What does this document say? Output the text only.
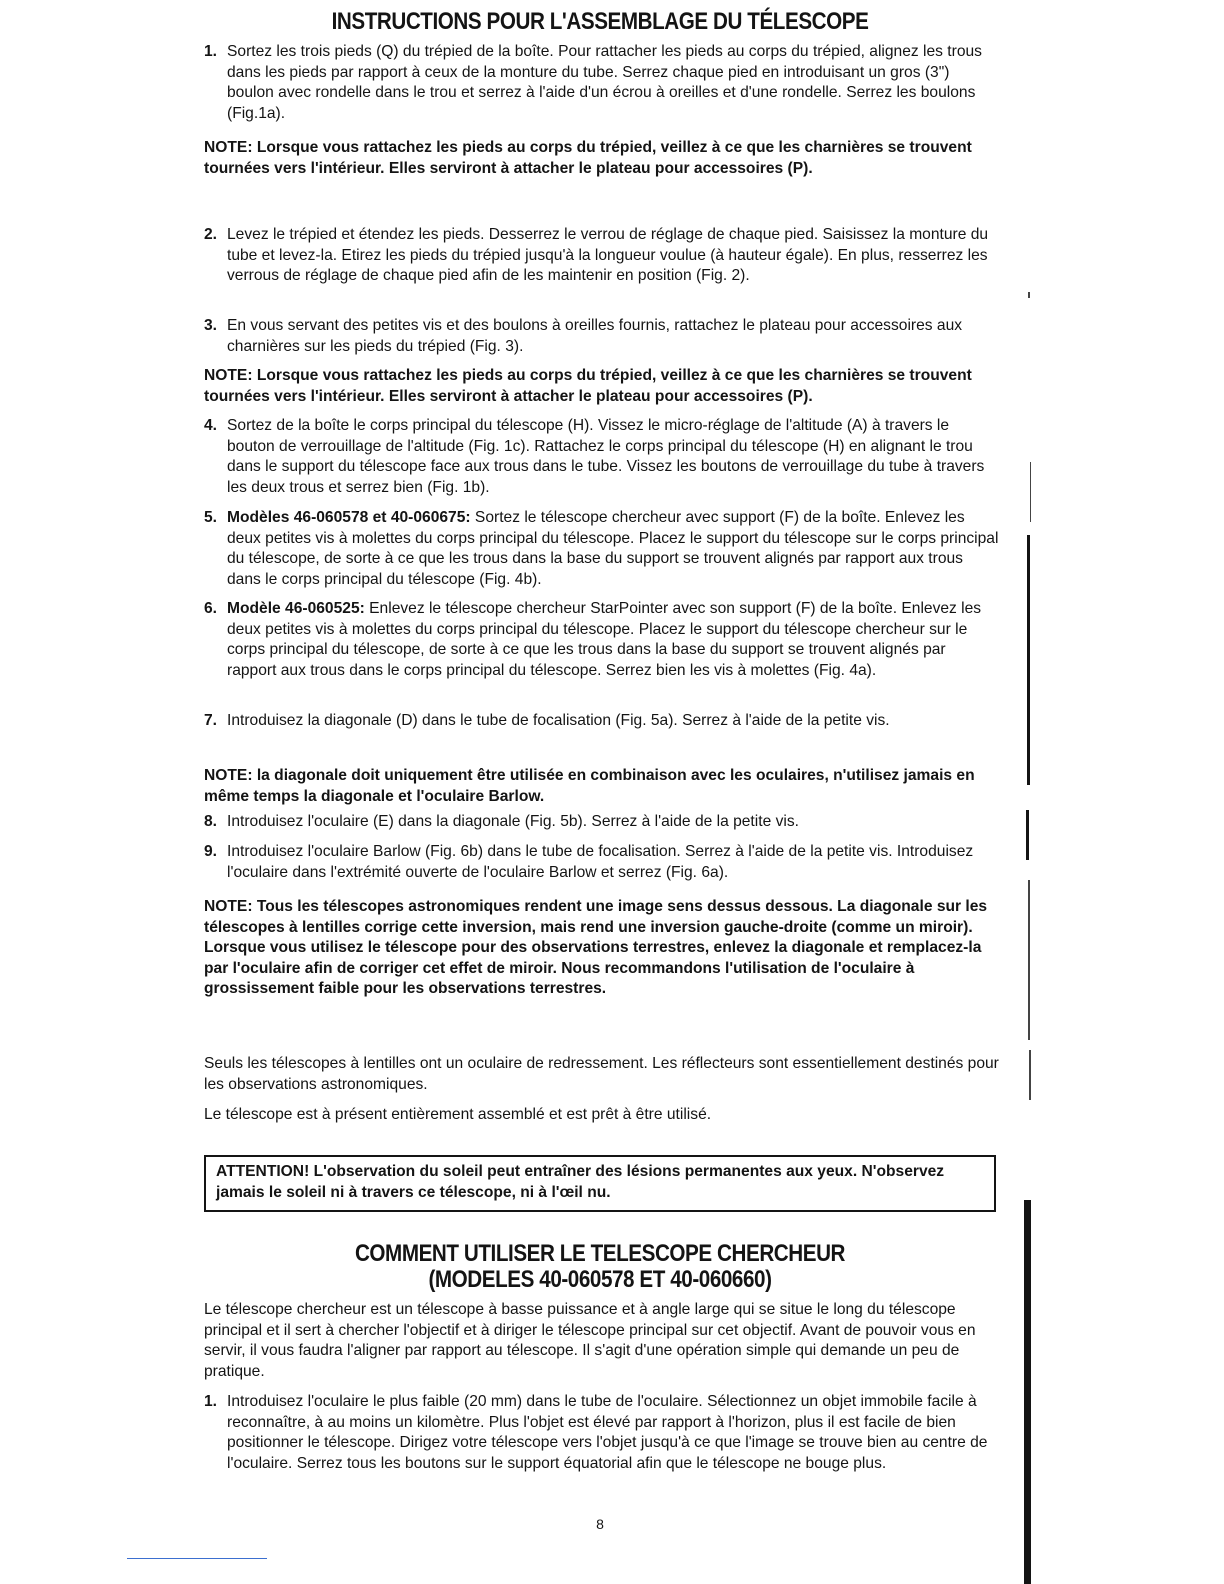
INSTRUCTIONS POUR L'ASSEMBLAGE DU TÉLESCOPE
1. Sortez les trois pieds (Q) du trépied de la boîte. Pour rattacher les pieds au corps du trépied, alignez les trous dans les pieds par rapport à ceux de la monture du tube. Serrez chaque pied en introduisant un gros (3") boulon avec rondelle dans le trou et serrez à l'aide d'un écrou à oreilles et d'une rondelle. Serrez les boulons (Fig.1a).
NOTE: Lorsque vous rattachez les pieds au corps du trépied, veillez à ce que les charnières se trouvent tournées vers l'intérieur. Elles serviront à attacher le plateau pour accessoires (P).
2. Levez le trépied et étendez les pieds. Desserrez le verrou de réglage de chaque pied. Saisissez la monture du tube et levez-la. Etirez les pieds du trépied jusqu'à la longueur voulue (à hauteur égale). En plus, resserrez les verrous de réglage de chaque pied afin de les maintenir en position (Fig. 2).
3. En vous servant des petites vis et des boulons à oreilles fournis, rattachez le plateau pour accessoires aux charnières sur les pieds du trépied (Fig. 3).
NOTE: Lorsque vous rattachez les pieds au corps du trépied, veillez à ce que les charnières se trouvent tournées vers l'intérieur. Elles serviront à attacher le plateau pour accessoires (P).
4. Sortez de la boîte le corps principal du télescope (H). Vissez le micro-réglage de l'altitude (A) à travers le bouton de verrouillage de l'altitude (Fig. 1c). Rattachez le corps principal du télescope (H) en alignant le trou dans le support du télescope face aux trous dans le tube. Vissez les boutons de verrouillage du tube à travers les deux trous et serrez bien (Fig. 1b).
5. Modèles 46-060578 et 40-060675: Sortez le télescope chercheur avec support (F) de la boîte. Enlevez les deux petites vis à molettes du corps principal du télescope. Placez le support du télescope sur le corps principal du télescope, de sorte à ce que les trous dans la base du support se trouvent alignés par rapport aux trous dans le corps principal du télescope (Fig. 4b).
6. Modèle 46-060525: Enlevez le télescope chercheur StarPointer avec son support (F) de la boîte. Enlevez les deux petites vis à molettes du corps principal du télescope. Placez le support du télescope chercheur sur le corps principal du télescope, de sorte à ce que les trous dans la base du support se trouvent alignés par rapport aux trous dans le corps principal du télescope. Serrez bien les vis à molettes (Fig. 4a).
7. Introduisez la diagonale (D) dans le tube de focalisation (Fig. 5a). Serrez à l'aide de la petite vis.
NOTE: la diagonale doit uniquement être utilisée en combinaison avec les oculaires, n'utilisez jamais en même temps la diagonale et l'oculaire Barlow.
8. Introduisez l'oculaire (E) dans la diagonale (Fig. 5b). Serrez à l'aide de la petite vis.
9. Introduisez l'oculaire Barlow (Fig. 6b) dans le tube de focalisation. Serrez à l'aide de la petite vis. Introduisez l'oculaire dans l'extrémité ouverte de l'oculaire Barlow et serrez (Fig. 6a).
NOTE: Tous les télescopes astronomiques rendent une image sens dessus dessous. La diagonale sur les télescopes à lentilles corrige cette inversion, mais rend une inversion gauche-droite (comme un miroir). Lorsque vous utilisez le télescope pour des observations terrestres, enlevez la diagonale et remplacez-la par l'oculaire afin de corriger cet effet de miroir. Nous recommandons l'utilisation de l'oculaire à grossissement faible pour les observations terrestres.
Seuls les télescopes à lentilles ont un oculaire de redressement. Les réflecteurs sont essentiellement destinés pour les observations astronomiques.
Le télescope est à présent entièrement assemblé et est prêt à être utilisé.
ATTENTION! L'observation du soleil peut entraîner des lésions permanentes aux yeux. N'observez jamais le soleil ni à travers ce télescope, ni à l'œil nu.
COMMENT UTILISER LE TELESCOPE CHERCHEUR
(MODELES 40-060578 ET 40-060660)
Le télescope chercheur est un télescope à basse puissance et à angle large qui se situe le long du télescope principal et il sert à chercher l'objectif et à diriger le télescope principal sur cet objectif. Avant de pouvoir vous en servir, il vous faudra l'aligner par rapport au télescope. Il s'agit d'une opération simple qui demande un peu de pratique.
1. Introduisez l'oculaire le plus faible (20 mm) dans le tube de l'oculaire. Sélectionnez un objet immobile facile à reconnaître, à au moins un kilomètre. Plus l'objet est élevé par rapport à l'horizon, plus il est facile de bien positionner le télescope. Dirigez votre télescope vers l'objet jusqu'à ce que l'image se trouve bien au centre de l'oculaire. Serrez tous les boutons sur le support équatorial afin que le télescope ne bouge plus.
8
